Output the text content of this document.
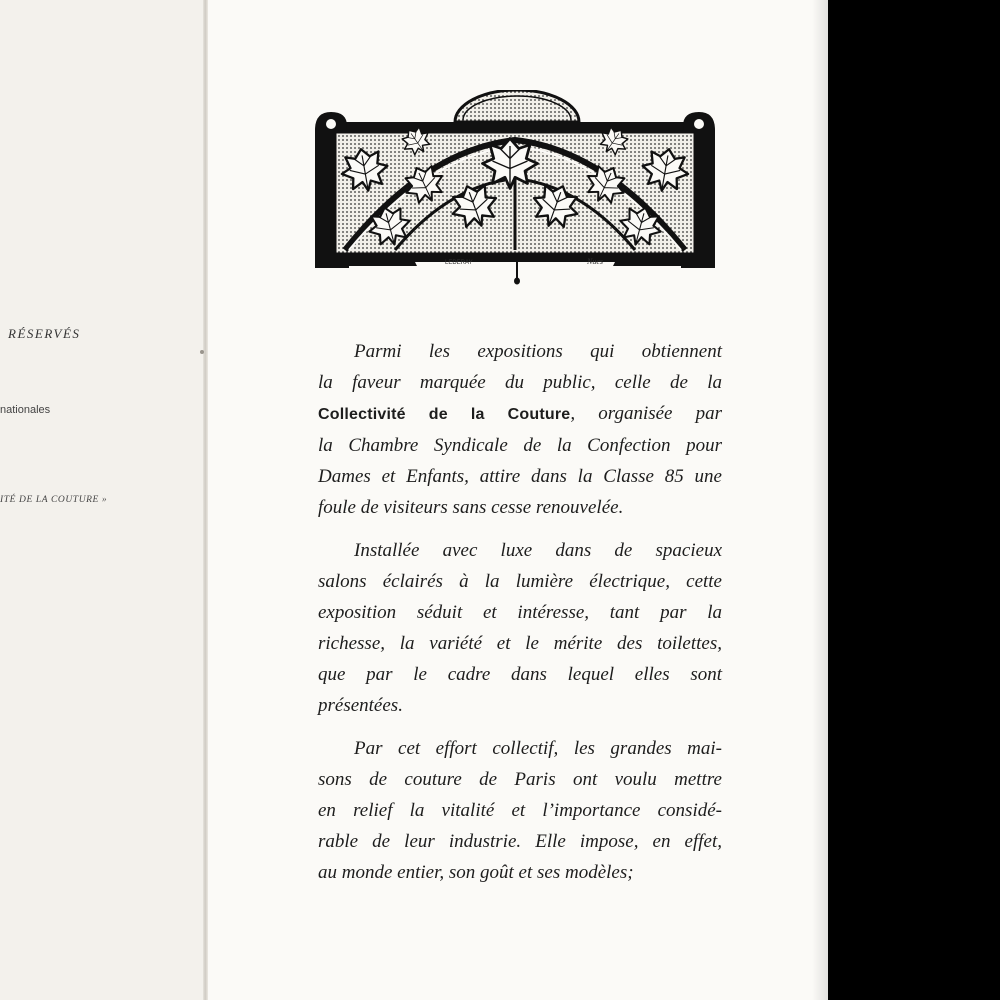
RÉSERVÉS
nationales
ITÉ DE LA COUTURE »
LEDERAY	Nues
Parmi les expositions qui obtiennent
la faveur marquée du public, celle de la
Collectivité de la Couture, organisée par
la Chambre Syndicale de la Confection pour
Dames et Enfants, attire dans la Classe 85 une
foule de visiteurs sans cesse renouvelée.
Installée avec luxe dans de spacieux
salons éclairés à la lumière électrique, cette
exposition séduit et intéresse, tant par la
richesse, la variété et le mérite des toilettes,
que par le cadre dans lequel elles sont
présentées.
Par cet effort collectif, les grandes mai-
sons de couture de Paris ont voulu mettre
en relief la vitalité et l’importance considé-
rable de leur industrie. Elle impose, en effet,
au monde entier, son goût et ses modèles;
